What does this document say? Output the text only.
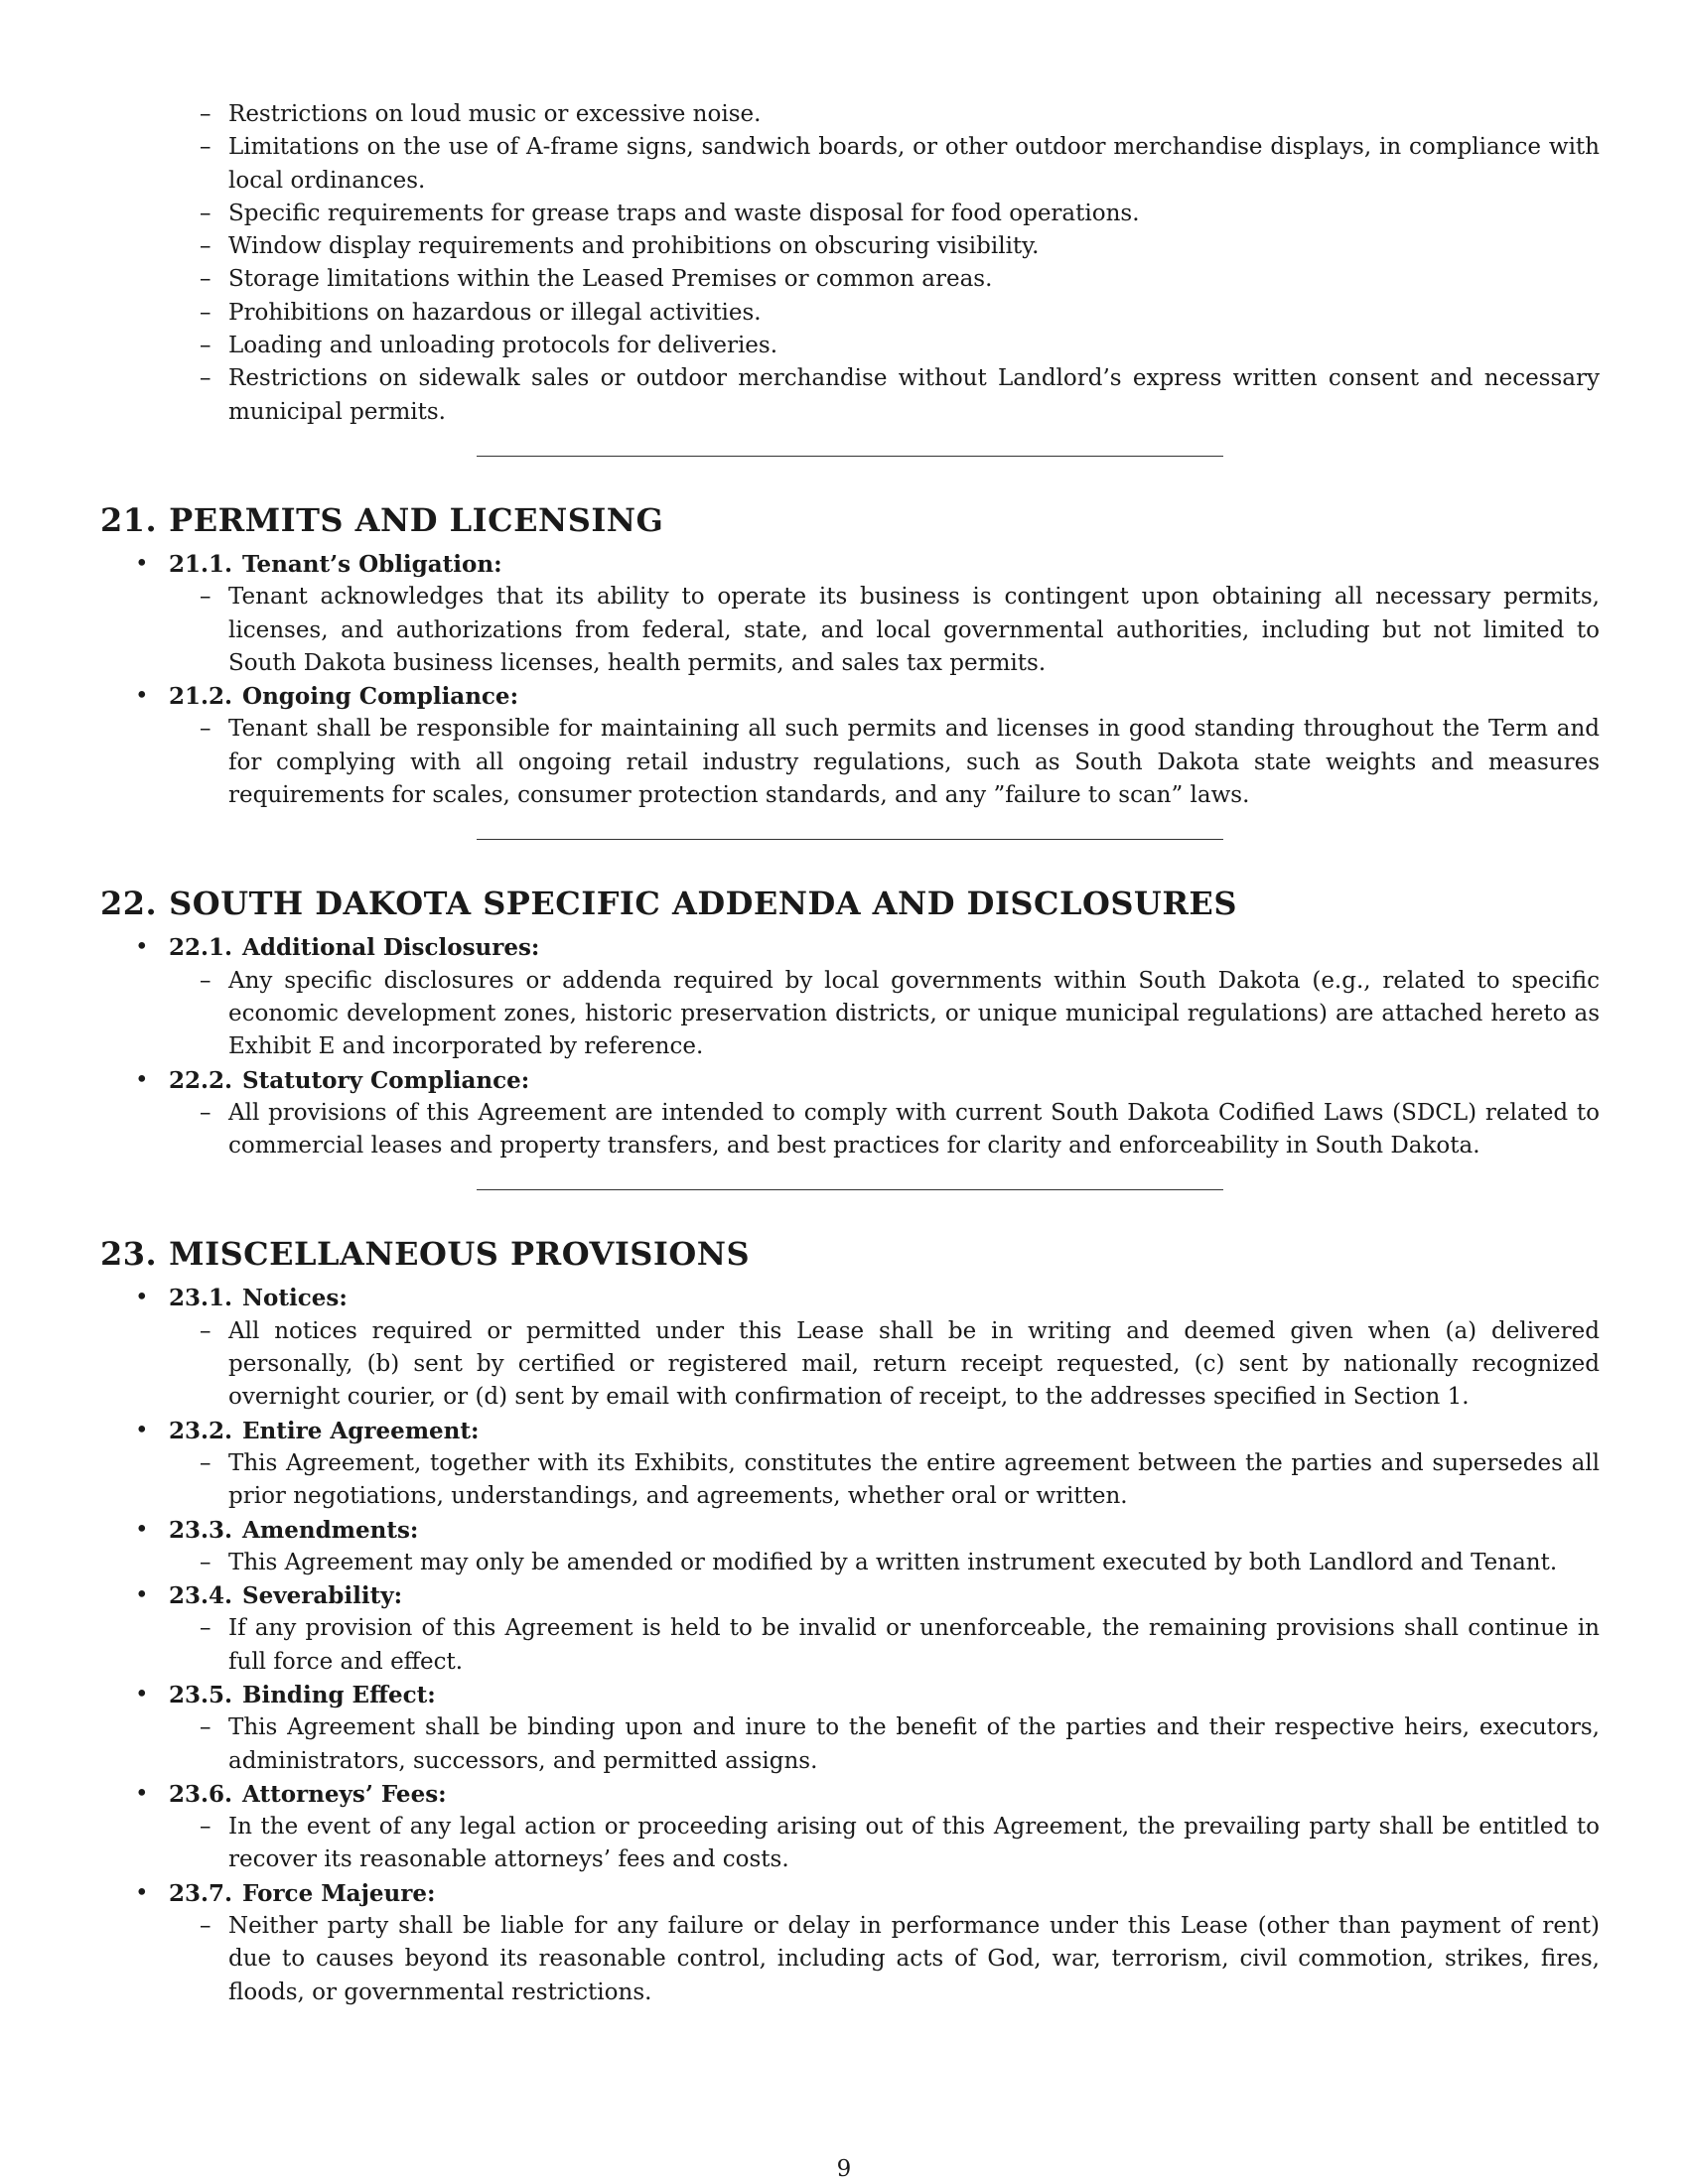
– Restrictions on loud music or excessive noise.
– Limitations on the use of A-frame signs, sandwich boards, or other outdoor merchandise displays, in compliance with local ordinances.
– Specific requirements for grease traps and waste disposal for food operations.
– Window display requirements and prohibitions on obscuring visibility.
– Storage limitations within the Leased Premises or common areas.
– Prohibitions on hazardous or illegal activities.
– Loading and unloading protocols for deliveries.
– Restrictions on sidewalk sales or outdoor merchandise without Landlord’s express written consent and necessary municipal permits.
21. PERMITS AND LICENSING
• 21.1. Tenant’s Obligation:
– Tenant acknowledges that its ability to operate its business is contingent upon obtaining all necessary permits, licenses, and authorizations from federal, state, and local governmental authorities, including but not limited to South Dakota business licenses, health permits, and sales tax permits.
• 21.2. Ongoing Compliance:
– Tenant shall be responsible for maintaining all such permits and licenses in good standing throughout the Term and for complying with all ongoing retail industry regulations, such as South Dakota state weights and measures requirements for scales, consumer protection standards, and any ”failure to scan” laws.
22. SOUTH DAKOTA SPECIFIC ADDENDA AND DISCLOSURES
• 22.1. Additional Disclosures:
– Any specific disclosures or addenda required by local governments within South Dakota (e.g., related to specific economic development zones, historic preservation districts, or unique municipal regulations) are attached hereto as Exhibit E and incorporated by reference.
• 22.2. Statutory Compliance:
– All provisions of this Agreement are intended to comply with current South Dakota Codified Laws (SDCL) related to commercial leases and property transfers, and best practices for clarity and enforceability in South Dakota.
23. MISCELLANEOUS PROVISIONS
• 23.1. Notices:
– All notices required or permitted under this Lease shall be in writing and deemed given when (a) delivered personally, (b) sent by certified or registered mail, return receipt requested, (c) sent by nationally recognized overnight courier, or (d) sent by email with confirmation of receipt, to the addresses specified in Section 1.
• 23.2. Entire Agreement:
– This Agreement, together with its Exhibits, constitutes the entire agreement between the parties and supersedes all prior negotiations, understandings, and agreements, whether oral or written.
• 23.3. Amendments:
– This Agreement may only be amended or modified by a written instrument executed by both Landlord and Tenant.
• 23.4. Severability:
– If any provision of this Agreement is held to be invalid or unenforceable, the remaining provisions shall continue in full force and effect.
• 23.5. Binding Effect:
– This Agreement shall be binding upon and inure to the benefit of the parties and their respective heirs, executors, administrators, successors, and permitted assigns.
• 23.6. Attorneys’ Fees:
– In the event of any legal action or proceeding arising out of this Agreement, the prevailing party shall be entitled to recover its reasonable attorneys’ fees and costs.
• 23.7. Force Majeure:
– Neither party shall be liable for any failure or delay in performance under this Lease (other than payment of rent) due to causes beyond its reasonable control, including acts of God, war, terrorism, civil commotion, strikes, fires, floods, or governmental restrictions.
9
